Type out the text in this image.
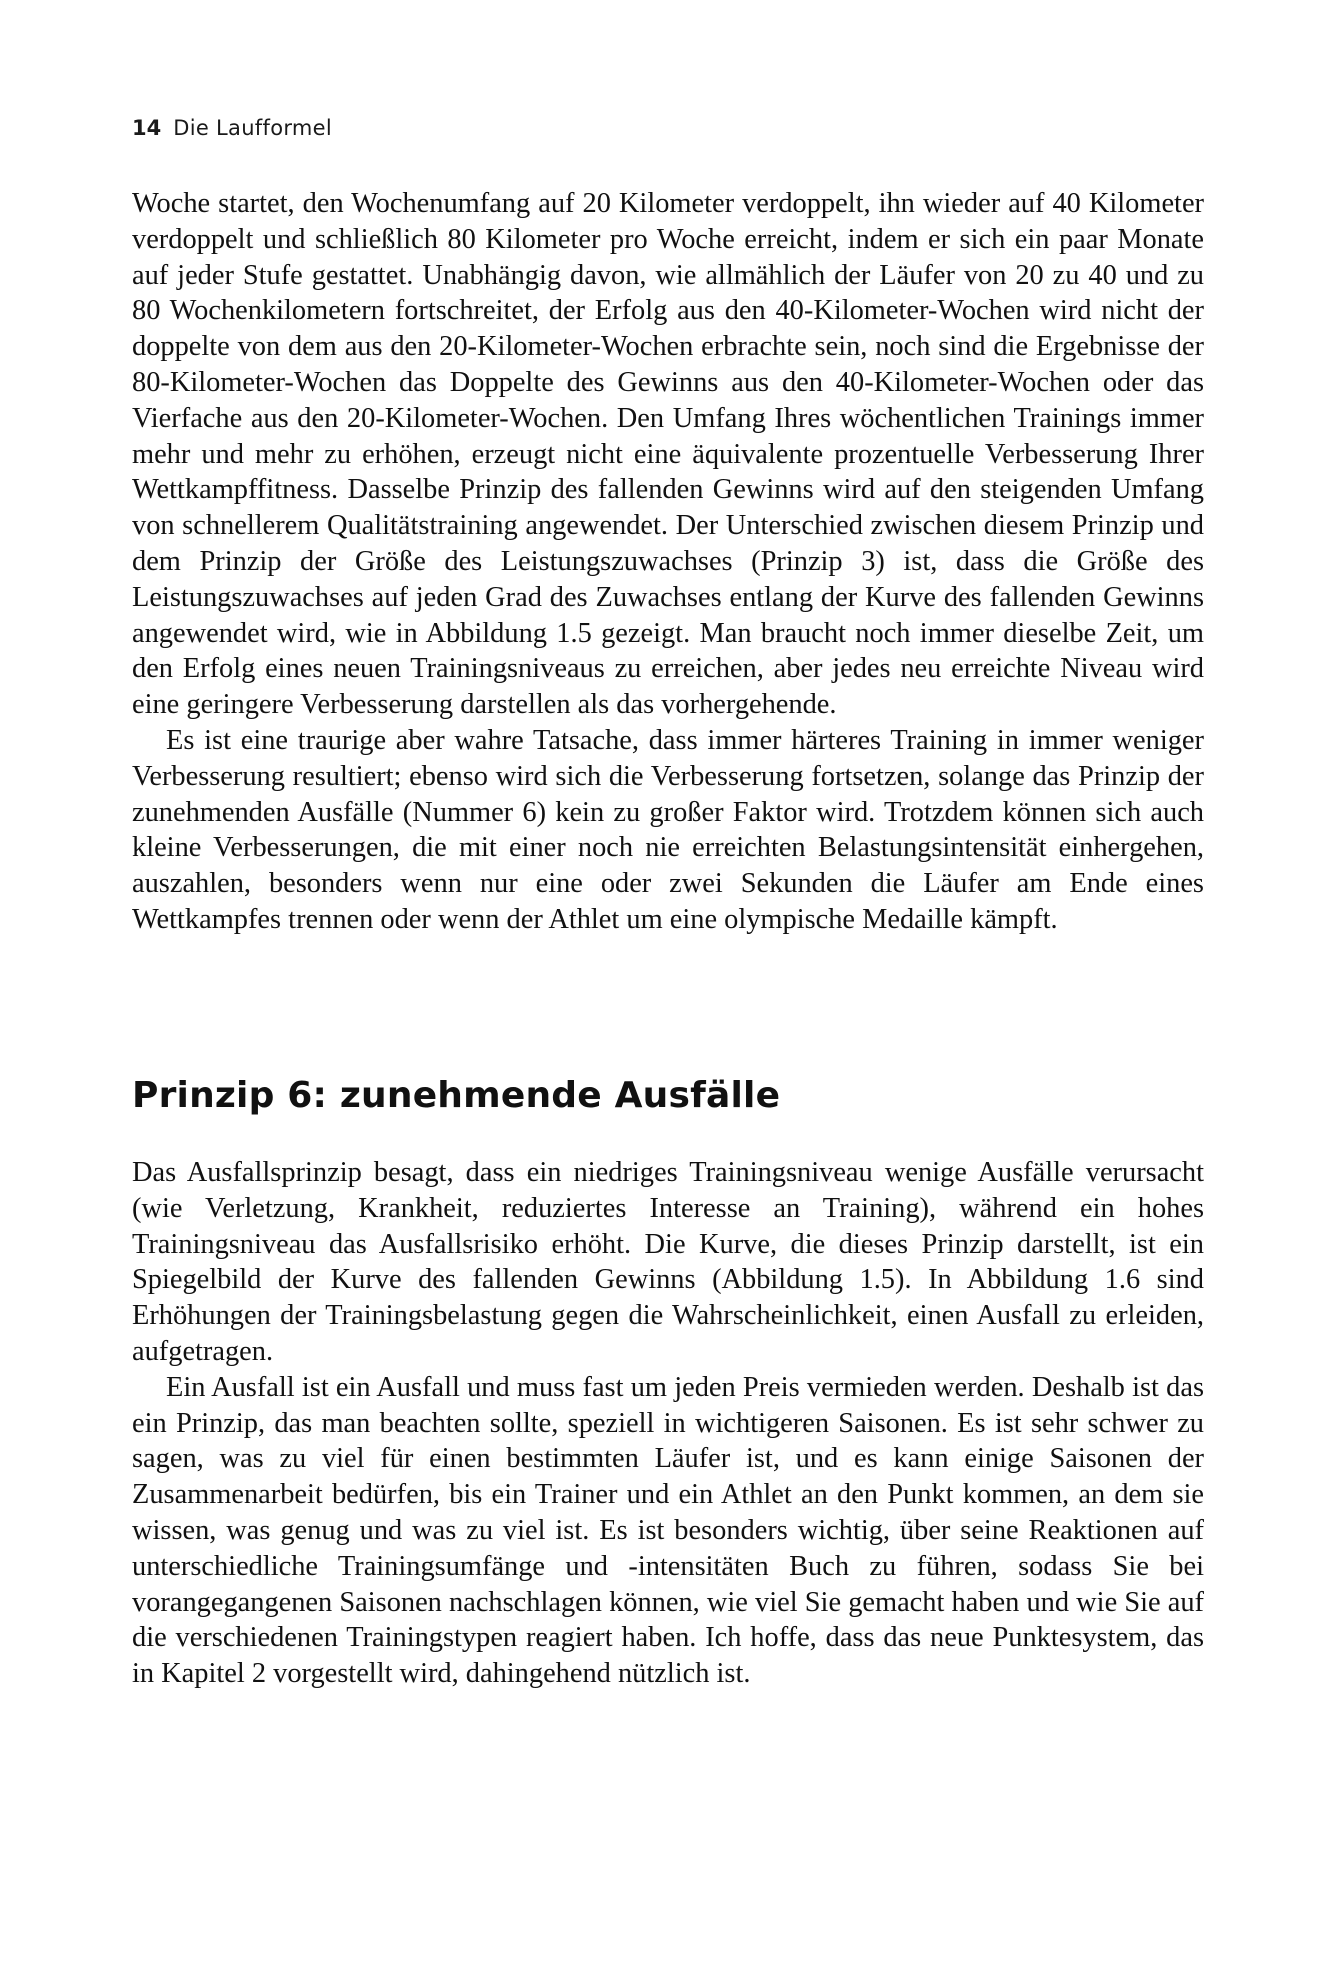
14 Die Laufformel

Woche startet, den Wochenumfang auf 20 Kilometer verdoppelt, ihn wieder auf 40 Kilometer verdoppelt und schließlich 80 Kilometer pro Woche erreicht, indem er sich ein paar Monate auf jeder Stufe gestattet. Unabhängig davon, wie allmählich der Läufer von 20 zu 40 und zu 80 Wochenkilometern fortschreitet, der Erfolg aus den 40-Kilometer-Wochen wird nicht der doppelte von dem aus den 20-Kilometer-Wochen erbrachte sein, noch sind die Ergebnisse der 80-Kilometer-Wochen das Doppelte des Gewinns aus den 40-Kilometer-Wochen oder das Vierfache aus den 20-Kilometer-Wochen. Den Umfang Ihres wöchentlichen Trainings immer mehr und mehr zu erhöhen, erzeugt nicht eine äquivalente prozentuelle Verbesserung Ihrer Wettkampffitness. Dasselbe Prinzip des fallenden Gewinns wird auf den steigenden Umfang von schnellerem Qualitätstraining angewendet. Der Unterschied zwischen diesem Prinzip und dem Prinzip der Größe des Leistungszuwachses (Prinzip 3) ist, dass die Größe des Leistungszuwachses auf jeden Grad des Zuwachses entlang der Kurve des fallenden Gewinns angewendet wird, wie in Abbildung 1.5 gezeigt. Man braucht noch immer dieselbe Zeit, um den Erfolg eines neuen Trainingsniveaus zu erreichen, aber jedes neu erreichte Niveau wird eine geringere Verbesserung darstellen als das vorhergehende.

Es ist eine traurige aber wahre Tatsache, dass immer härteres Training in immer weniger Verbesserung resultiert; ebenso wird sich die Verbesserung fortsetzen, solange das Prinzip der zunehmenden Ausfälle (Nummer 6) kein zu großer Faktor wird. Trotzdem können sich auch kleine Verbesserungen, die mit einer noch nie erreichten Belastungsintensität einhergehen, auszahlen, besonders wenn nur eine oder zwei Sekunden die Läufer am Ende eines Wettkampfes trennen oder wenn der Athlet um eine olympische Medaille kämpft.

Prinzip 6: zunehmende Ausfälle

Das Ausfallsprinzip besagt, dass ein niedriges Trainingsniveau wenige Ausfälle verursacht (wie Verletzung, Krankheit, reduziertes Interesse an Training), während ein hohes Trainingsniveau das Ausfallsrisiko erhöht. Die Kurve, die dieses Prinzip darstellt, ist ein Spiegelbild der Kurve des fallenden Gewinns (Abbildung 1.5). In Abbildung 1.6 sind Erhöhungen der Trainingsbelastung gegen die Wahrscheinlichkeit, einen Ausfall zu erleiden, aufgetragen.

Ein Ausfall ist ein Ausfall und muss fast um jeden Preis vermieden werden. Deshalb ist das ein Prinzip, das man beachten sollte, speziell in wichtigeren Saisonen. Es ist sehr schwer zu sagen, was zu viel für einen bestimmten Läufer ist, und es kann einige Saisonen der Zusammenarbeit bedürfen, bis ein Trainer und ein Athlet an den Punkt kommen, an dem sie wissen, was genug und was zu viel ist. Es ist besonders wichtig, über seine Reaktionen auf unterschiedliche Trainingsumfänge und -intensitäten Buch zu führen, sodass Sie bei vorangegangenen Saisonen nachschlagen können, wie viel Sie gemacht haben und wie Sie auf die verschiedenen Trainingstypen reagiert haben. Ich hoffe, dass das neue Punktesystem, das in Kapitel 2 vorgestellt wird, dahingehend nützlich ist.
